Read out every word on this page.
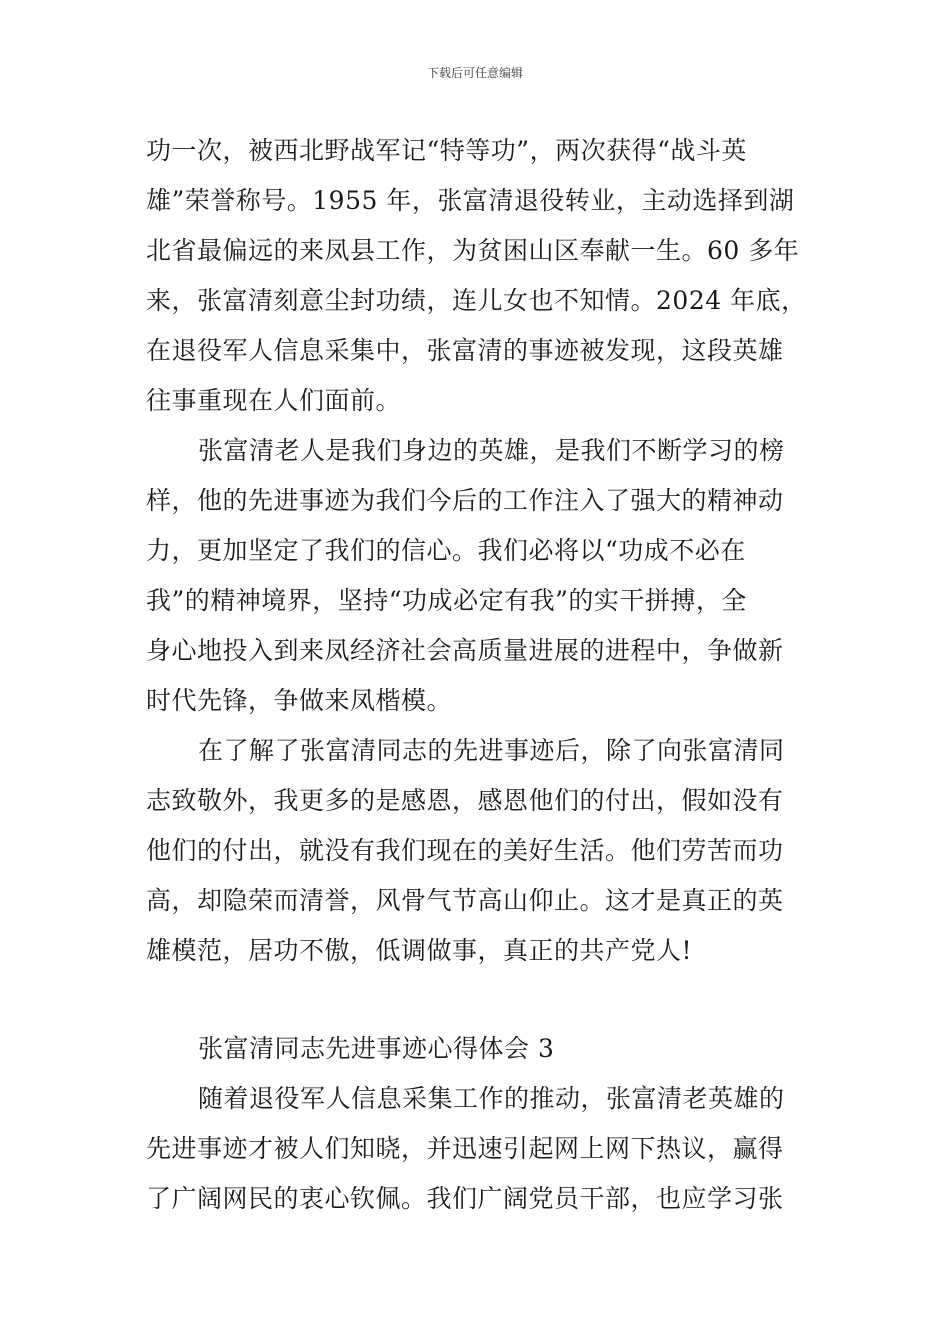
下载后可任意编辑
功一次，被西北野战军记“特等功”，两次获得“战斗英
雄”荣誉称号。1955 年，张富清退役转业，主动选择到湖
北省最偏远的来凤县工作，为贫困山区奉献一生。60 多年
来，张富清刻意尘封功绩，连儿女也不知情。2024 年底，
在退役军人信息采集中，张富清的事迹被发现，这段英雄
往事重现在人们面前。
张富清老人是我们身边的英雄，是我们不断学习的榜
样，他的先进事迹为我们今后的工作注入了强大的精神动
力，更加坚定了我们的信心。我们必将以“功成不必在
我”的精神境界，坚持“功成必定有我”的实干拼搏，全
身心地投入到来凤经济社会高质量进展的进程中，争做新
时代先锋，争做来凤楷模。
在了解了张富清同志的先进事迹后，除了向张富清同
志致敬外，我更多的是感恩，感恩他们的付出，假如没有
他们的付出，就没有我们现在的美好生活。他们劳苦而功
高，却隐荣而清誉，风骨气节高山仰止。这才是真正的英
雄模范，居功不傲，低调做事，真正的共产党人!
张富清同志先进事迹心得体会 3
随着退役军人信息采集工作的推动，张富清老英雄的
先进事迹才被人们知晓，并迅速引起网上网下热议，赢得
了广阔网民的衷心钦佩。我们广阔党员干部，也应学习张
